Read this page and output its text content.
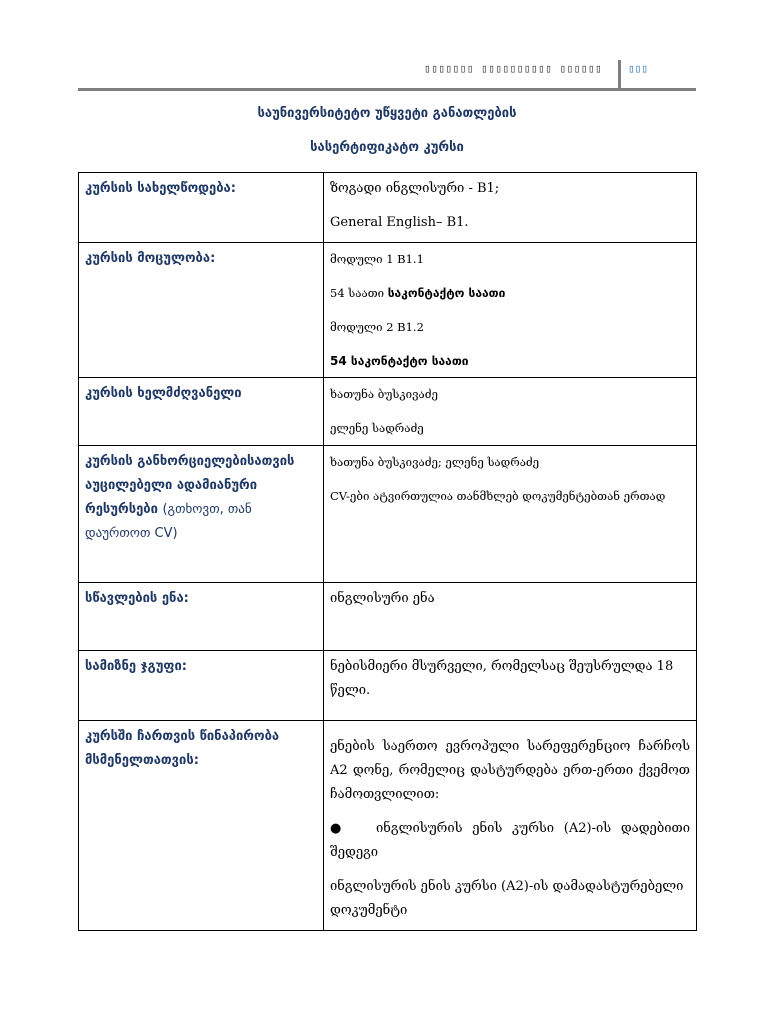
▯▯▯▯▯▯▯ ▯▯▯▯▯▯▯▯▯▯ ▯▯▯▯▯▯	▯▯▯
საუნივერსიტეტო უწყვეტი განათლების
სასერტიფიკატო კურსი
კურსის სახელწოდება:	ზოგადი ინგლისური - B1;

General English– B1.

კურსის მოცულობა:	მოდული 1 B1.1

54 საათი საკონტაქტო საათი

მოდული 2 B1.2

54 საკონტაქტო საათი

კურსის ხელმძღვანელი	ხათუნა ბუსკივაძე

ელენე სადრაძე

კურსის განხორციელებისათვის აუცილებელი ადამიანური რესურსები (გთხოვთ, თან დაურთოთ CV)	ხათუნა ბუსკივაძე; ელენე სადრაძე

CV-ები ატვირთულია თანმხლებ დოკუმენტებთან ერთად

სწავლების ენა:	ინგლისური ენა
სამიზნე ჯგუფი:	ნებისმიერი მსურველი, რომელსაც შეუსრულდა 18 წელი.
კურსში ჩართვის წინაპირობა მსმენელთათვის:	ენების საერთო ევროპული სარეფერენციო ჩარჩოს A2 დონე, რომელიც დასტურდება ერთ-ერთი ქვემოთ ჩამოთვლილით:

● ინგლისურის ენის კურსი (A2)-ის დადებითი შედეგი

ინგლისურის ენის კურსი (A2)-ის დამადასტურებელი დოკუმენტი
